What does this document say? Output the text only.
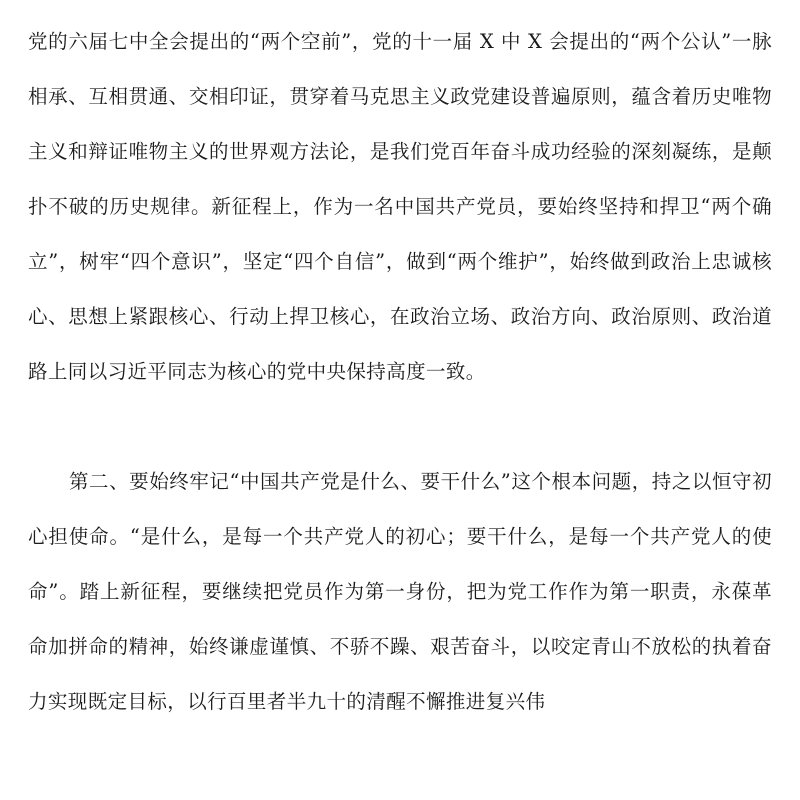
党的六届七中全会提出的“两个空前”，党的十一届 X 中 X 会提出的“两个公认”一脉相承、互相贯通、交相印证，贯穿着马克思主义政党建设普遍原则，蕴含着历史唯物主义和辩证唯物主义的世界观方法论，是我们党百年奋斗成功经验的深刻凝练，是颠扑不破的历史规律。新征程上，作为一名中国共产党员，要始终坚持和捍卫“两个确立”，树牢“四个意识”，坚定“四个自信”，做到“两个维护”，始终做到政治上忠诚核心、思想上紧跟核心、行动上捍卫核心，在政治立场、政治方向、政治原则、政治道路上同以习近平同志为核心的党中央保持高度一致。

第二、要始终牢记“中国共产党是什么、要干什么”这个根本问题，持之以恒守初心担使命。“是什么，是每一个共产党人的初心；要干什么，是每一个共产党人的使命”。踏上新征程，要继续把党员作为第一身份，把为党工作作为第一职责，永葆革命加拼命的精神，始终谦虚谨慎、不骄不躁、艰苦奋斗，以咬定青山不放松的执着奋力实现既定目标，以行百里者半九十的清醒不懈推进复兴伟
